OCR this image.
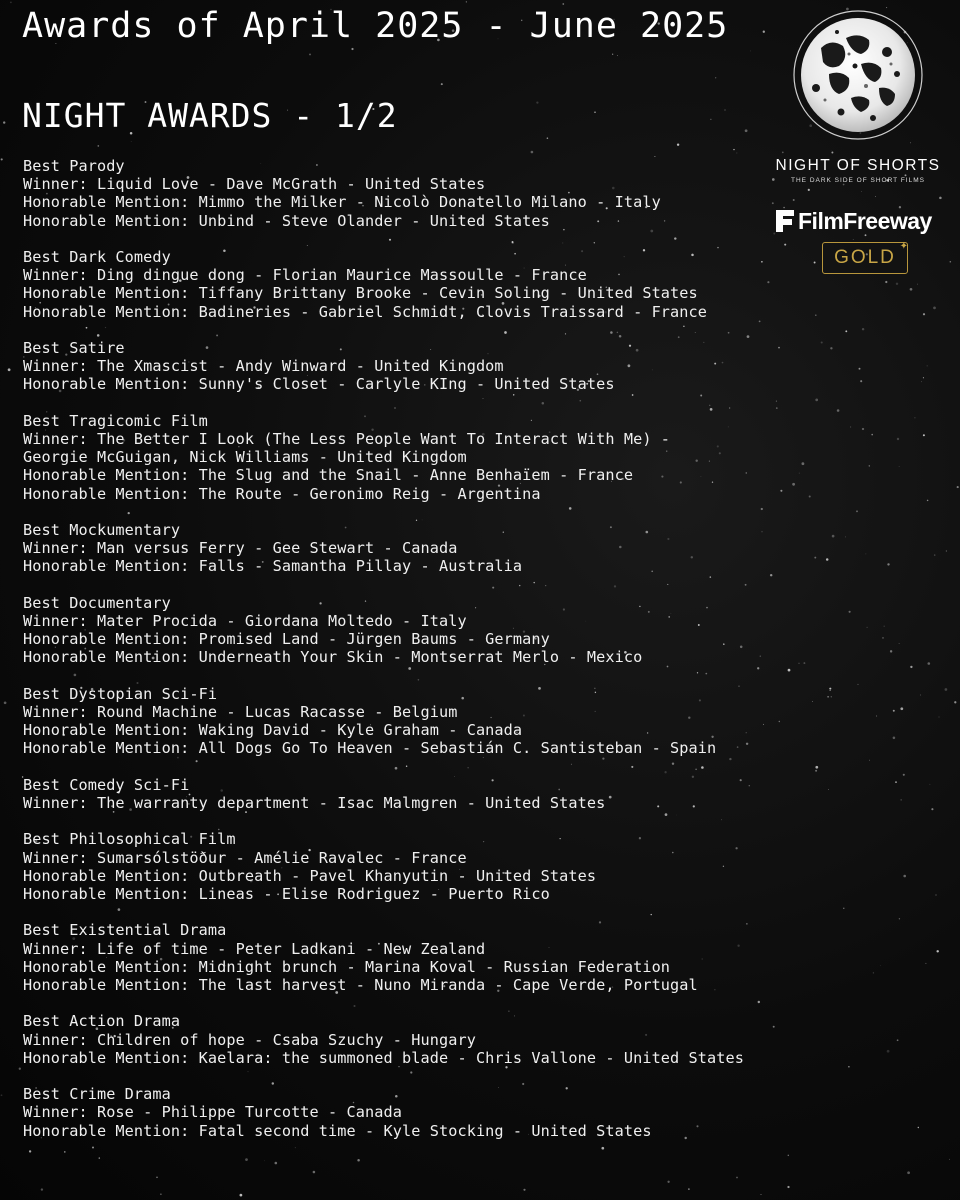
Awards of April 2025 - June 2025
NIGHT AWARDS - 1/2
NIGHT OF SHORTS
THE DARK SIDE OF SHORT FILMS
FilmFreeway
GOLD
✦
Best Parody
Winner: Liquid Love - Dave McGrath - United States
Honorable Mention: Mimmo the Milker - Nicolò Donatello Milano - Italy
Honorable Mention: Unbind - Steve Olander - United States
Best Dark Comedy
Winner: Ding dingue dong - Florian Maurice Massoulle - France
Honorable Mention: Tiffany Brittany Brooke - Cevin Soling - United States
Honorable Mention: Badineries - Gabriel Schmidt, Clovis Traissard - France
Best Satire
Winner: The Xmascist - Andy Winward - United Kingdom
Honorable Mention: Sunny's Closet - Carlyle KIng - United States
Best Tragicomic Film
Winner: The Better I Look (The Less People Want To Interact With Me) -
Georgie McGuigan, Nick Williams - United Kingdom
Honorable Mention: The Slug and the Snail - Anne Benhaïem - France
Honorable Mention: The Route - Geronimo Reig - Argentina
Best Mockumentary
Winner: Man versus Ferry - Gee Stewart - Canada
Honorable Mention: Falls - Samantha Pillay - Australia
Best Documentary
Winner: Mater Procida - Giordana Moltedo - Italy
Honorable Mention: Promised Land - Jürgen Baums - Germany
Honorable Mention: Underneath Your Skin - Montserrat Merlo - Mexico
Best Dystopian Sci-Fi
Winner: Round Machine - Lucas Racasse - Belgium
Honorable Mention: Waking David - Kyle Graham - Canada
Honorable Mention: All Dogs Go To Heaven - Sebastián C. Santisteban - Spain
Best Comedy Sci-Fi
Winner: The warranty department - Isac Malmgren - United States
Best Philosophical Film
Winner: Sumarsólstöður - Amélie Ravalec - France
Honorable Mention: Outbreath - Pavel Khanyutin - United States
Honorable Mention: Lineas - Elise Rodriguez - Puerto Rico
Best Existential Drama
Winner: Life of time - Peter Ladkani - New Zealand
Honorable Mention: Midnight brunch - Marina Koval - Russian Federation
Honorable Mention: The last harvest - Nuno Miranda - Cape Verde, Portugal
Best Action Drama
Winner: Children of hope - Csaba Szuchy - Hungary
Honorable Mention: Kaelara: the summoned blade - Chris Vallone - United States
Best Crime Drama
Winner: Rose - Philippe Turcotte - Canada
Honorable Mention: Fatal second time - Kyle Stocking - United States
